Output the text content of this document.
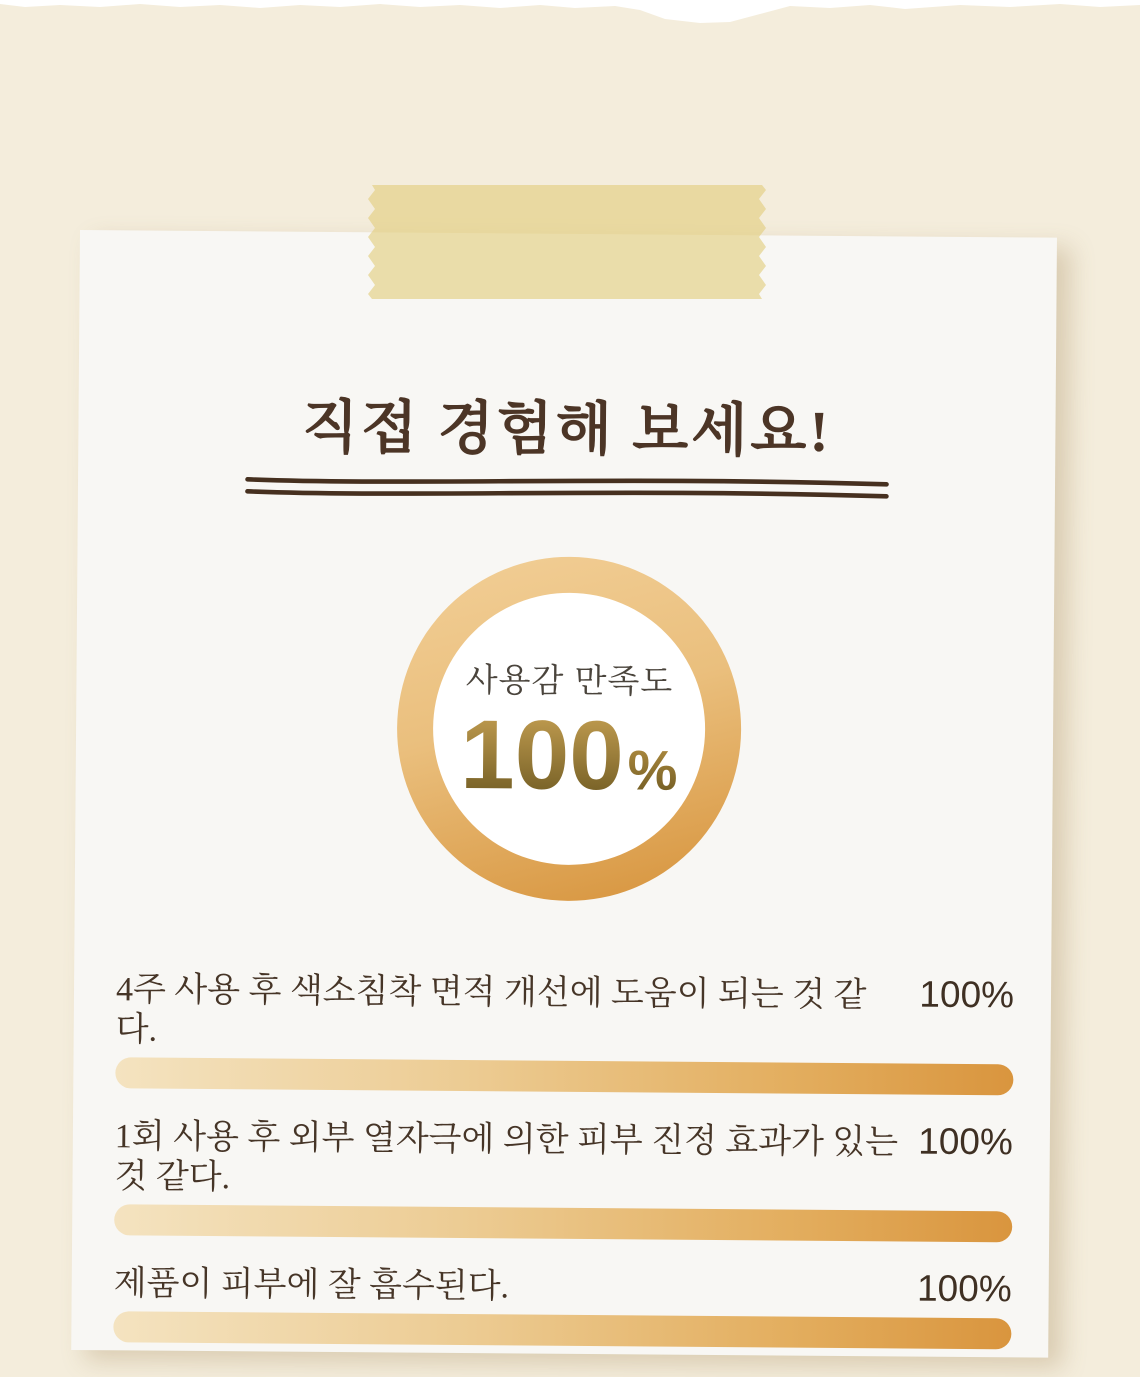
직접 경험해 보세요!
사용감 만족도
100 %
4주 사용 후 색소침착 면적 개선에 도움이 되는 것 같다.
100%
1회 사용 후 외부 열자극에 의한 피부 진정 효과가 있는 것 같다.
100%
제품이 피부에 잘 흡수된다.	100%
